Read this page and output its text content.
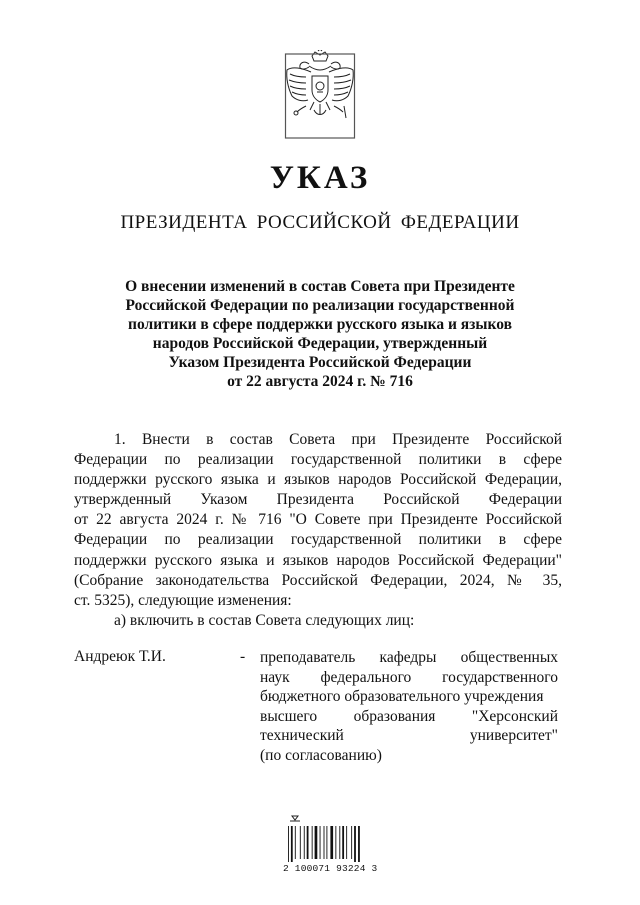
УКАЗ
ПРЕЗИДЕНТА РОССИЙСКОЙ ФЕДЕРАЦИИ
О внесении изменений в состав Совета при Президенте
Российской Федерации по реализации государственной
политики в сфере поддержки русского языка и языков
народов Российской Федерации, утвержденный
Указом Президента Российской Федерации
от 22 августа 2024 г. № 716
1. Внести в состав Совета при Президенте Российской
Федерации по реализации государственной политики в сфере
поддержки русского языка и языков народов Российской Федерации,
утвержденный Указом Президента Российской Федерации
от 22 августа 2024 г. № 716 "О Совете при Президенте Российской
Федерации по реализации государственной политики в сфере
поддержки русского языка и языков народов Российской Федерации"
(Собрание законодательства Российской Федерации, 2024, № 35,
ст. 5325), следующие изменения:
а) включить в состав Совета следующих лиц:
Андреюк Т.И.	- преподаватель кафедры общественных
наук федерального государственного
бюджетного образовательного учреждения
высшего образования "Херсонский
технический университет"
(по согласованию)
2 100071 93224 3
